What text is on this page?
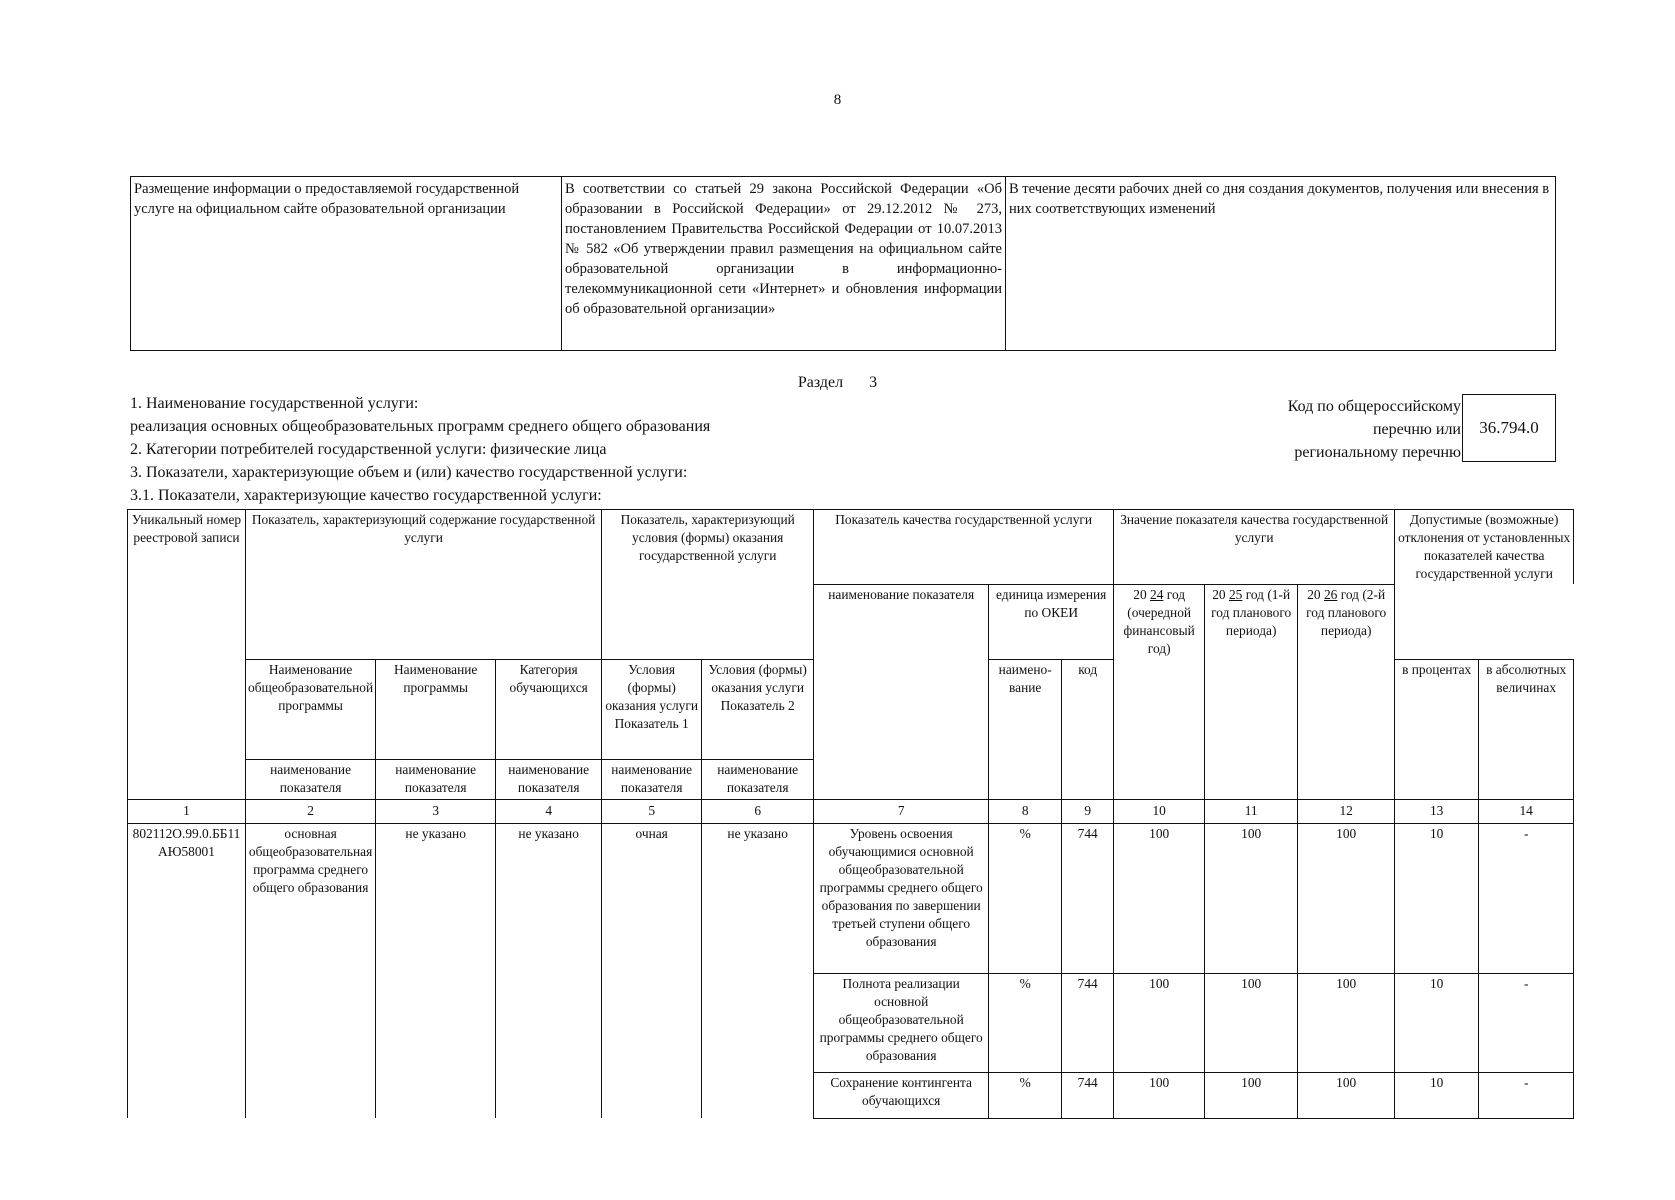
8
Размещение информации о предоставляемой государственной услуге на официальном сайте образовательной организации	В соответствии со статьей 29 закона Российской Федерации «Об образовании в Российской Федерации» от 29.12.2012 № 273, постановлением Правительства Российской Федерации от 10.07.2013 № 582 «Об утверждении правил размещения на официальном сайте образовательной организации в информационно-телекоммуникационной сети «Интернет» и обновления информации об образовательной организации»	В течение десяти рабочих дней со дня создания документов, получения или внесения в них соответствующих изменений
Раздел 3
1. Наименование государственной услуги:
реализация основных общеобразовательных программ среднего общего образования
2. Категории потребителей государственной услуги: физические лица
3. Показатели, характеризующие объем и (или) качество государственной услуги:
3.1. Показатели, характеризующие качество государственной услуги:
Код по общероссийскому
перечню или
региональному перечню
36.794.0
Уникальный номер реестровой записи	Показатель, характеризующий содержание государственной услуги			Показатель, характеризующий условия (формы) оказания государственной услуги		Показатель качества государственной услуги			Значение показателя качества государственной услуги			Допустимые (возможные) отклонения от установленных показателей качества государственной услуги	
						наименование показателя	единица измерения по ОКЕИ		20 24 год (очередной финансовый год)	20 25 год (1-й год планового периода)	20 26 год (2-й год планового периода)		
	Наименование общеобразовательной программы	Наименование программы	Категория обучающихся	Условия (формы) оказания услуги Показатель 1	Условия (формы) оказания услуги Показатель 2		наимено-вание	код				в процентах	в абсолютных величинах
	наименование показателя	наименование показателя	наименование показателя	наименование показателя	наименование показателя								
1	2	3	4	5	6	7	8	9	10	11	12	13	14
802112О.99.0.ББ11АЮ58001	основная общеобразовательная программа среднего общего образования	не указано	не указано	очная	не указано	Уровень освоения обучающимися основной общеобразовательной программы среднего общего образования по завершении третьей ступени общего образования	%	744	100	100	100	10	-
						Полнота реализации основной общеобразовательной программы среднего общего образования	%	744	100	100	100	10	-
						Сохранение контингента обучающихся	%	744	100	100	100	10	-
